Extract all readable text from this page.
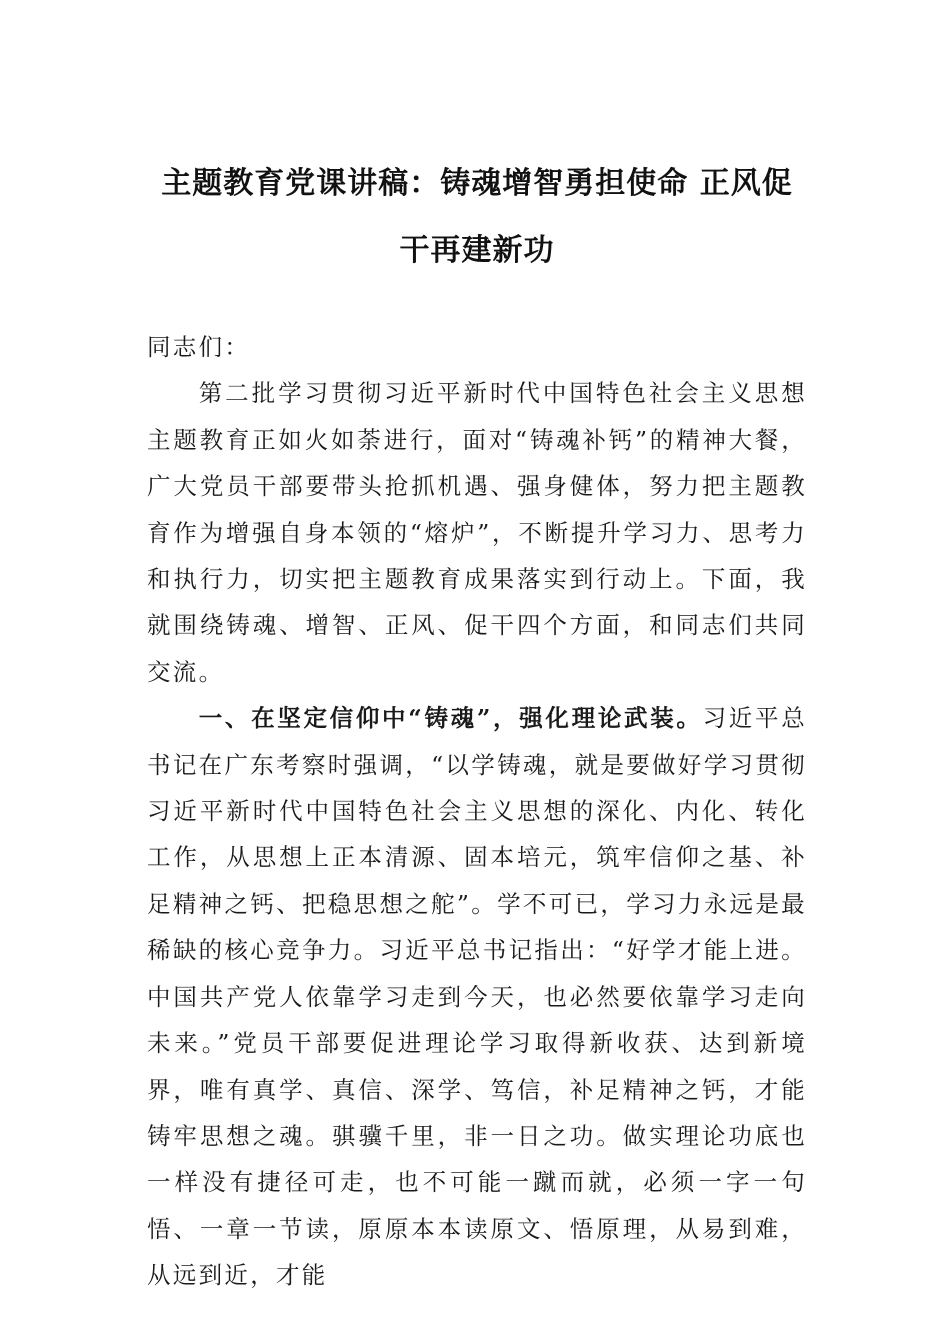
主题教育党课讲稿：铸魂增智勇担使命 正风促干再建新功

同志们：

第二批学习贯彻习近平新时代中国特色社会主义思想主题教育正如火如荼进行，面对“铸魂补钙”的精神大餐，广大党员干部要带头抢抓机遇、强身健体，努力把主题教育作为增强自身本领的“熔炉”，不断提升学习力、思考力和执行力，切实把主题教育成果落实到行动上。下面，我就围绕铸魂、增智、正风、促干四个方面，和同志们共同交流。

一、在坚定信仰中“铸魂”，强化理论武装。习近平总书记在广东考察时强调，“以学铸魂，就是要做好学习贯彻习近平新时代中国特色社会主义思想的深化、内化、转化工作，从思想上正本清源、固本培元，筑牢信仰之基、补足精神之钙、把稳思想之舵”。学不可已，学习力永远是最稀缺的核心竞争力。习近平总书记指出：“好学才能上进。中国共产党人依靠学习走到今天，也必然要依靠学习走向未来。”党员干部要促进理论学习取得新收获、达到新境界，唯有真学、真信、深学、笃信，补足精神之钙，才能铸牢思想之魂。骐骥千里，非一日之功。做实理论功底也一样没有捷径可走，也不可能一蹴而就，必须一字一句悟、一章一节读，原原本本读原文、悟原理，从易到难，从远到近，才能
